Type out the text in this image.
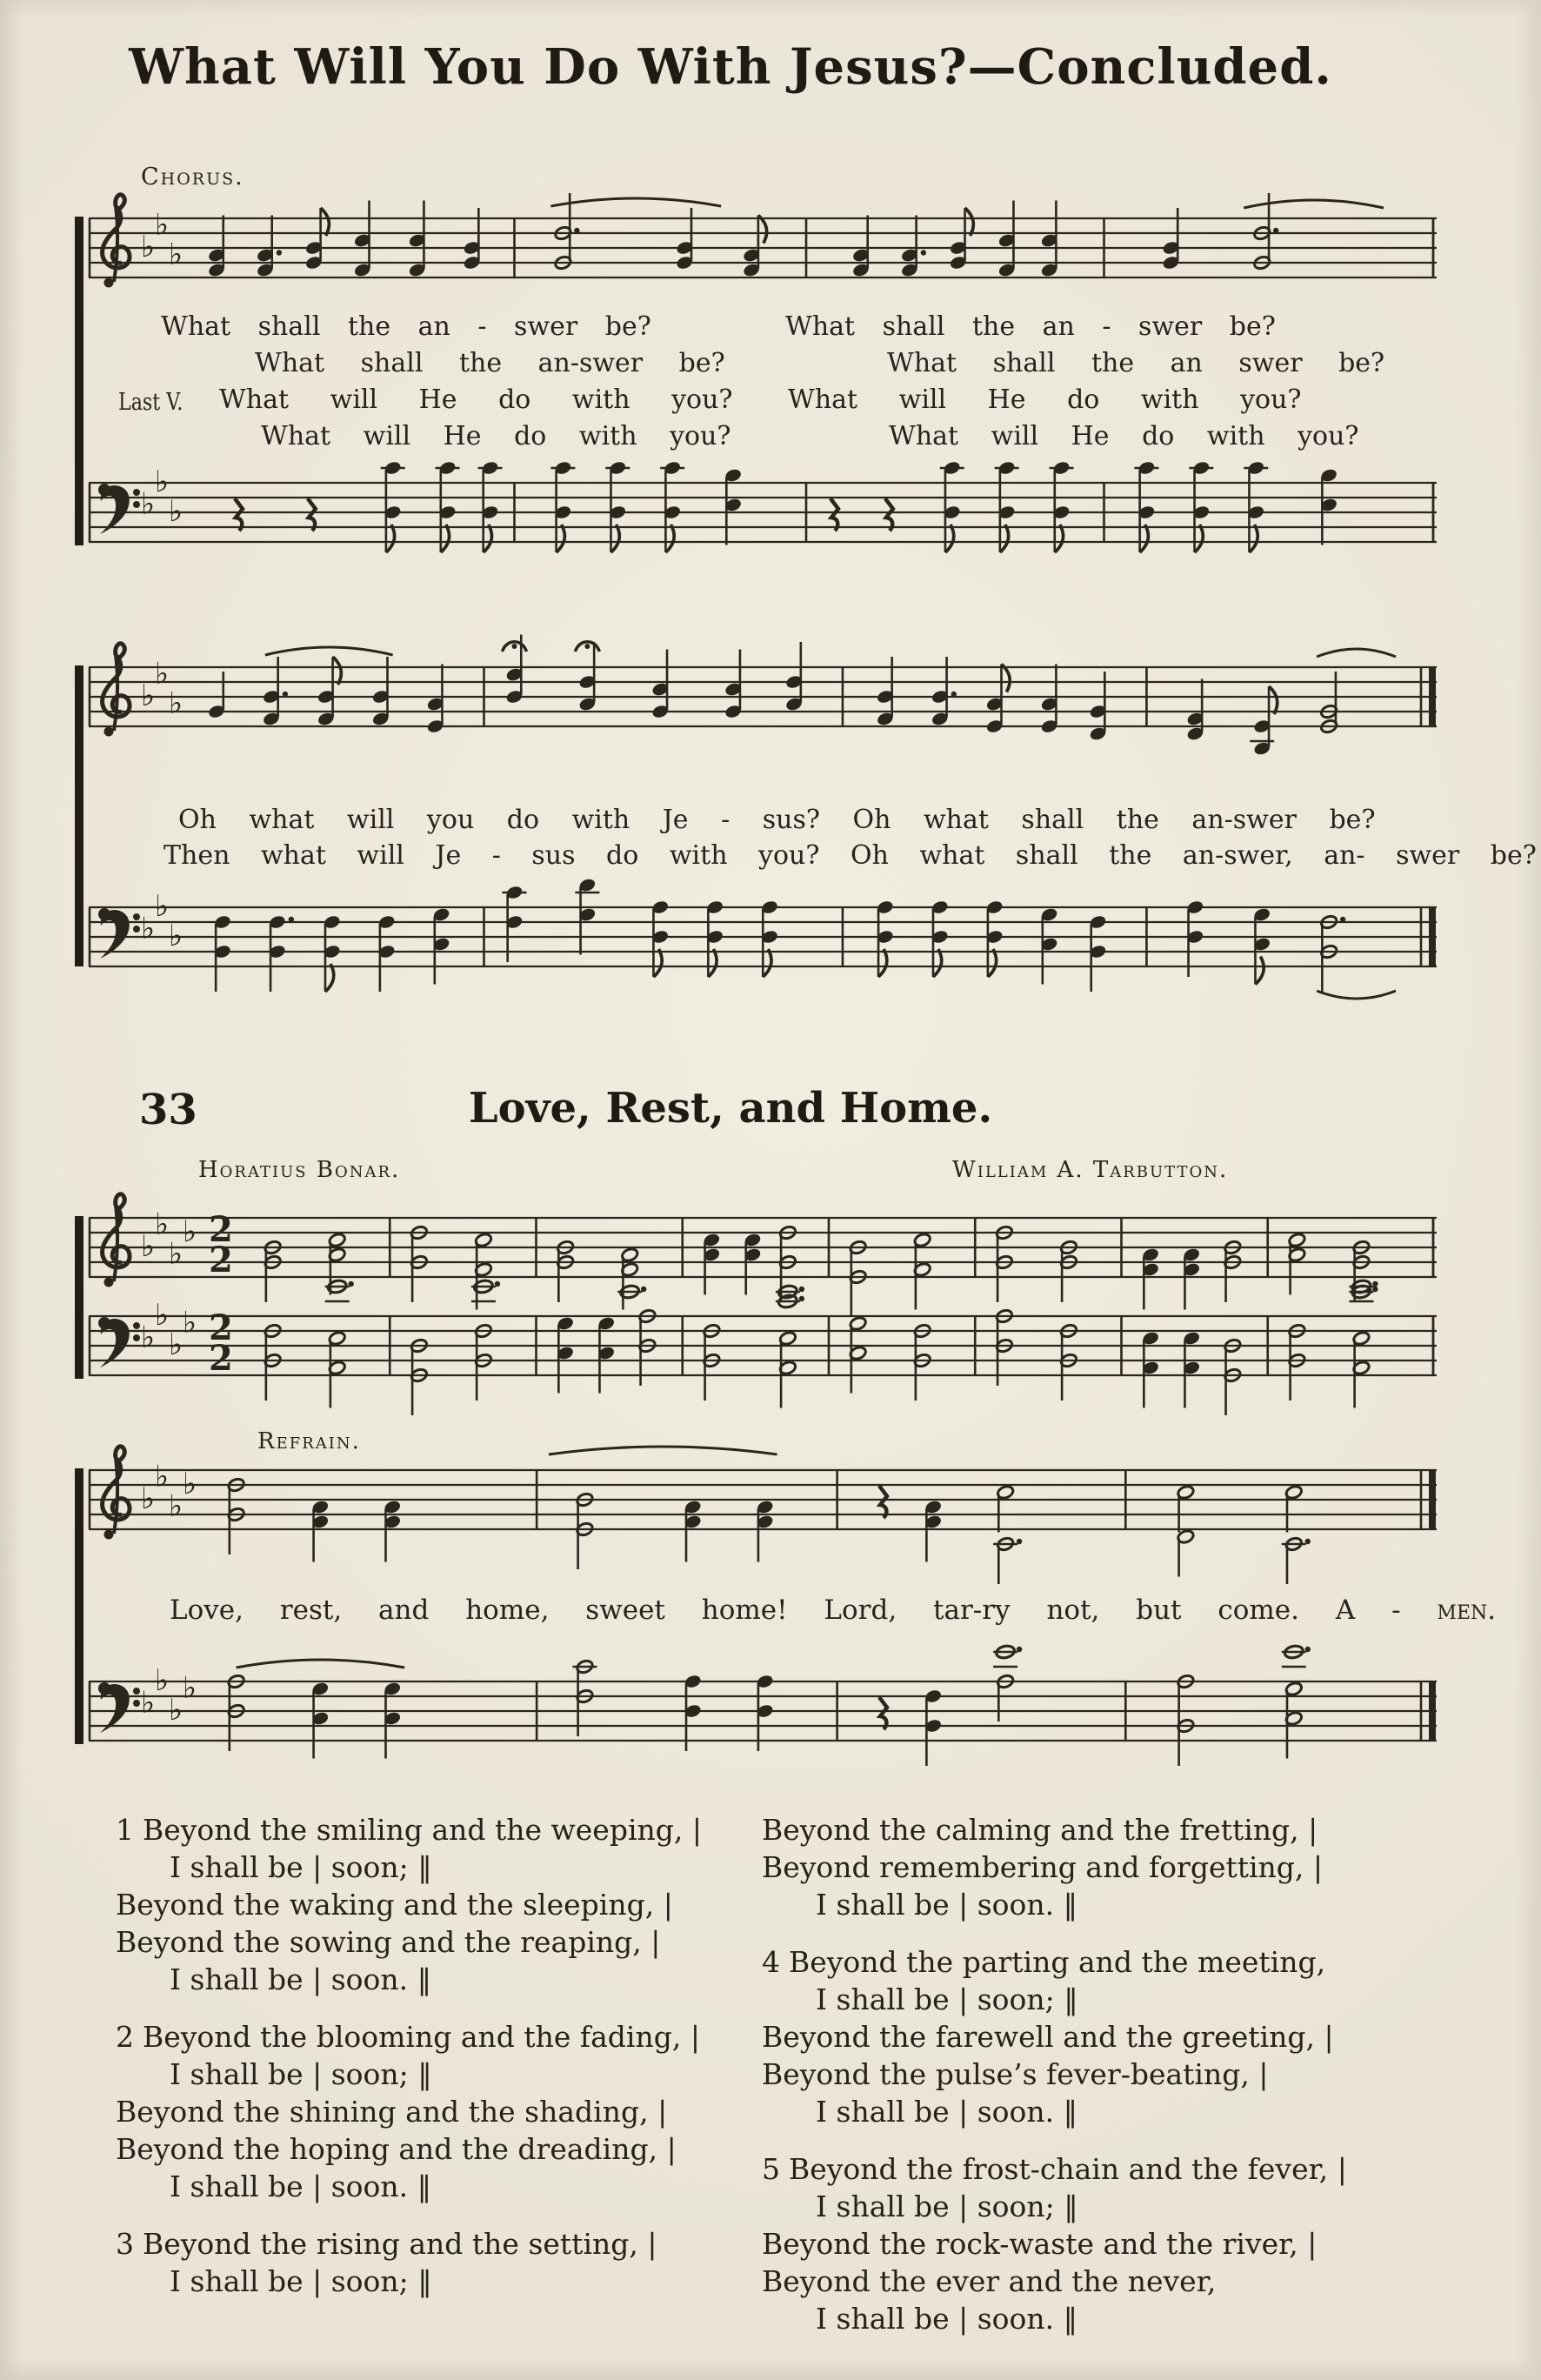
What Will You Do With Jesus?—Concluded.
Chorus.
♭
♭
♭
What shall the an - swer be?	What shall the an - swer be?
What shall the an-swer be?	What shall the an swer be?
Last V.	What will He do with you? What will He do with you?
What will He do with you?	What will He do with you?
♭
♭
♭
♭
♭
♭
Oh what will you do with Je - sus? Oh what shall the an-swer be?
Then what will Je - sus do with you? Oh what shall the an-swer, an- swer be?
♭
♭
♭
33	Love, Rest, and Home.
Horatius Bonar.	William A. Tarbutton.
♭
♭
♭
♭ 2
2
♭
♭
♭
♭ 2
2
♭
♭
♭
♭
Refrain.
Love, rest, and home, sweet home! Lord, tar-ry not, but come. A - men.
♭
♭
♭
♭
1 Beyond the smiling and the weeping, |
I shall be | soon; ‖
Beyond the waking and the sleeping, |
Beyond the sowing and the reaping, |
I shall be | soon. ‖
2 Beyond the blooming and the fading, |
I shall be | soon; ‖
Beyond the shining and the shading, |
Beyond the hoping and the dreading, |
I shall be | soon. ‖
3 Beyond the rising and the setting, |
I shall be | soon; ‖
Beyond the calming and the fretting, |
Beyond remembering and forgetting, |
I shall be | soon. ‖
4 Beyond the parting and the meeting,
I shall be | soon; ‖
Beyond the farewell and the greeting, |
Beyond the pulse’s fever-beating, |
I shall be | soon. ‖
5 Beyond the frost-chain and the fever, |
I shall be | soon; ‖
Beyond the rock-waste and the river, |
Beyond the ever and the never,
I shall be | soon. ‖
